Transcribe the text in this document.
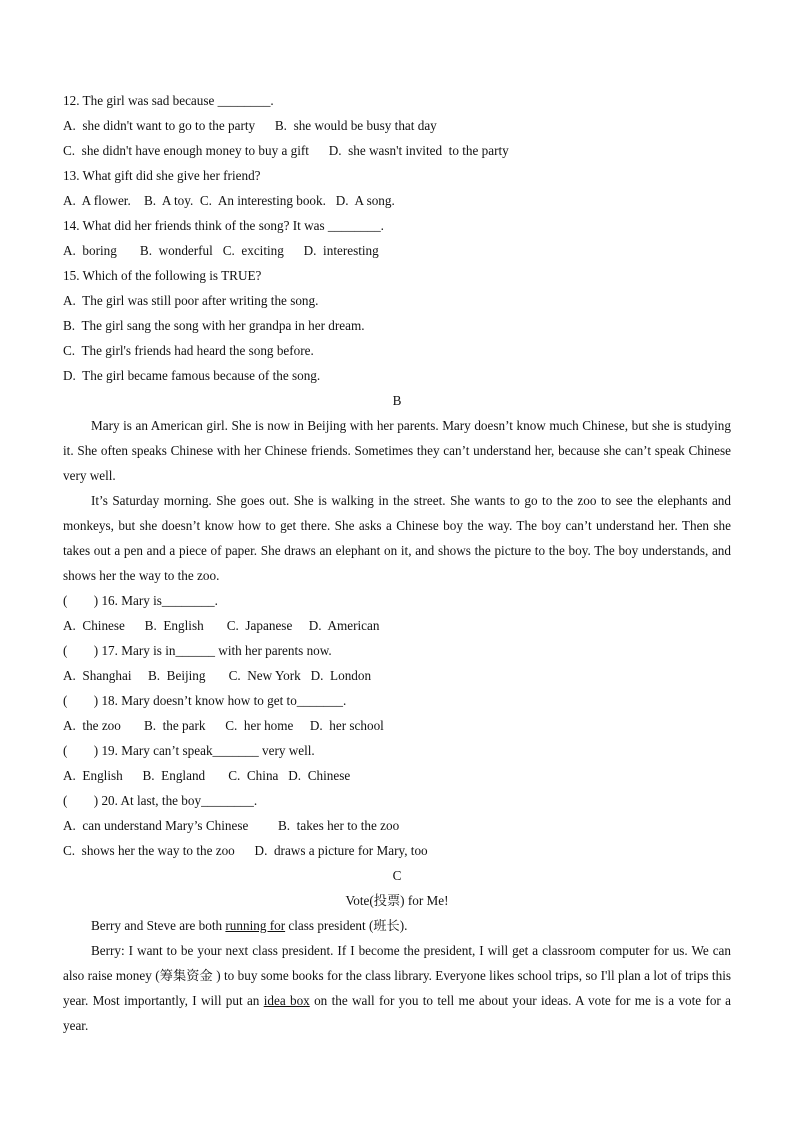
12. The girl was sad because ________.
A.  she didn't want to go to the party      B.  she would be busy that day
C.  she didn't have enough money to buy a gift      D.  she wasn't invited  to the party
13. What gift did she give her friend?
A.  A flower.    B.  A toy.  C.  An interesting book.   D.  A song.
14. What did her friends think of the song? It was ________.
A.  boring       B.  wonderful   C.  exciting      D.  interesting
15. Which of the following is TRUE?
A.  The girl was still poor after writing the song.
B.  The girl sang the song with her grandpa in her dream.
C.  The girl's friends had heard the song before.
D.  The girl became famous because of the song.
B
Mary is an American girl. She is now in Beijing with her parents. Mary doesn’t know much Chinese, but she is studying it. She often speaks Chinese with her Chinese friends. Sometimes they can’t understand her, because she can’t speak Chinese very well.
It’s Saturday morning. She goes out. She is walking in the street. She wants to go to the zoo to see the elephants and monkeys, but she doesn’t know how to get there. She asks a Chinese boy the way. The boy can’t understand her. Then she takes out a pen and a piece of paper. She draws an elephant on it, and shows the picture to the boy. The boy understands, and shows her the way to the zoo.
(        ) 16. Mary is________.
A.  Chinese      B.  English       C.  Japanese     D.  American
(        ) 17. Mary is in______ with her parents now.
A.  Shanghai     B.  Beijing       C.  New York   D.  London
(        ) 18. Mary doesn’t know how to get to_______.
A.  the zoo       B.  the park      C.  her home     D.  her school
(        ) 19. Mary can’t speak_______ very well.
A.  English      B.  England       C.  China   D.  Chinese
(        ) 20. At last, the boy________.
A.  can understand Mary’s Chinese         B.  takes her to the zoo
C.  shows her the way to the zoo      D.  draws a picture for Mary, too
C
Vote(投票) for Me!
Berry and Steve are both running for class president (班长).
Berry: I want to be your next class president. If I become the president, I will get a classroom computer for us. We can also raise money (筹集资金 ) to buy some books for the class library. Everyone likes school trips, so I'll plan a lot of trips this year. Most importantly, I will put an idea box on the wall for you to tell me about your ideas. A vote for me is a vote for a year.
